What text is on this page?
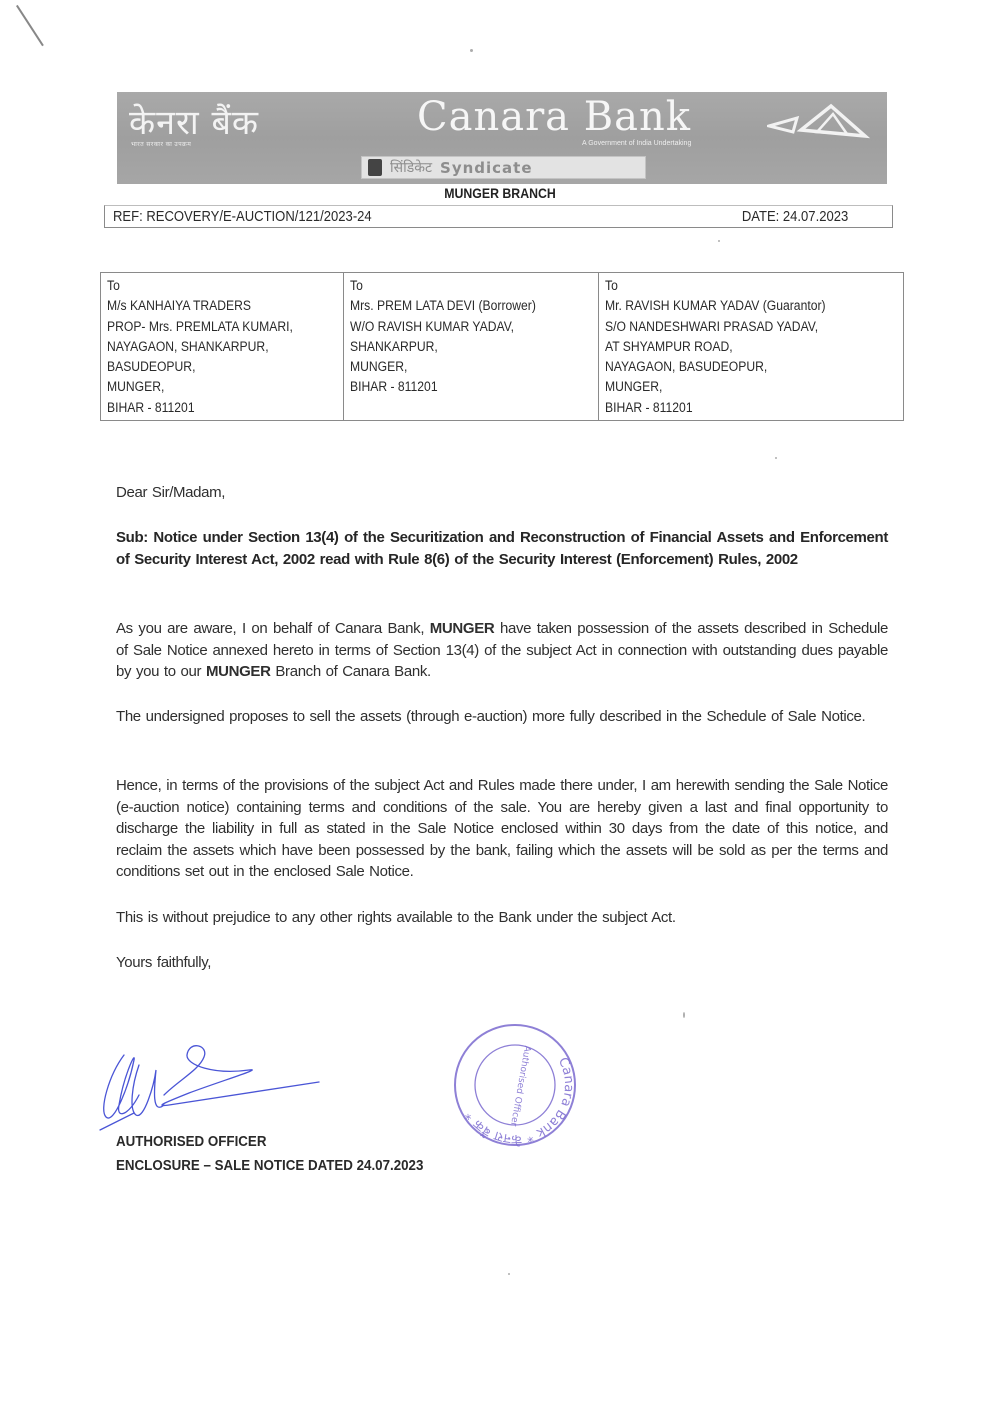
केनरा बैंक
भारत सरकार का उपक्रम
Canara Bank
A Government of India Undertaking
सिंडिकेट Syndicate
MUNGER BRANCH
REF: RECOVERY/E-AUCTION/121/2023-24	DATE: 24.07.2023
To
M/s KANHAIYA TRADERS
PROP- Mrs. PREMLATA KUMARI,
NAYAGAON, SHANKARPUR,
BASUDEOPUR,
MUNGER,
BIHAR - 811201

To
Mrs. PREM LATA DEVI (Borrower)
W/O RAVISH KUMAR YADAV,
SHANKARPUR,
MUNGER,
BIHAR - 811201

To
Mr. RAVISH KUMAR YADAV (Guarantor)
S/O NANDESHWARI PRASAD YADAV,
AT SHYAMPUR ROAD,
NAYAGAON, BASUDEOPUR,
MUNGER,
BIHAR - 811201
Dear Sir/Madam,
Sub: Notice under Section 13(4) of the Securitization and Reconstruction of Financial Assets and Enforcement of Security Interest Act, 2002 read with Rule 8(6) of the Security Interest (Enforcement) Rules, 2002
As you are aware, I on behalf of Canara Bank, MUNGER have taken possession of the assets described in Schedule of Sale Notice annexed hereto in terms of Section 13(4) of the subject Act in connection with outstanding dues payable by you to our MUNGER Branch of Canara Bank.
The undersigned proposes to sell the assets (through e-auction) more fully described in the Schedule of Sale Notice.
Hence, in terms of the provisions of the subject Act and Rules made there under, I am herewith sending the Sale Notice (e-auction notice) containing terms and conditions of the sale. You are hereby given a last and final opportunity to discharge the liability in full as stated in the Sale Notice enclosed within 30 days from the date of this notice, and reclaim the assets which have been possessed by the bank, failing which the assets will be sold as per the terms and conditions set out in the enclosed Sale Notice.
This is without prejudice to any other rights available to the Bank under the subject Act.
Yours faithfully,
Canara Bank * केनरा बैंक *	Authorised Officer
AUTHORISED OFFICER
ENCLOSURE – SALE NOTICE DATED 24.07.2023
